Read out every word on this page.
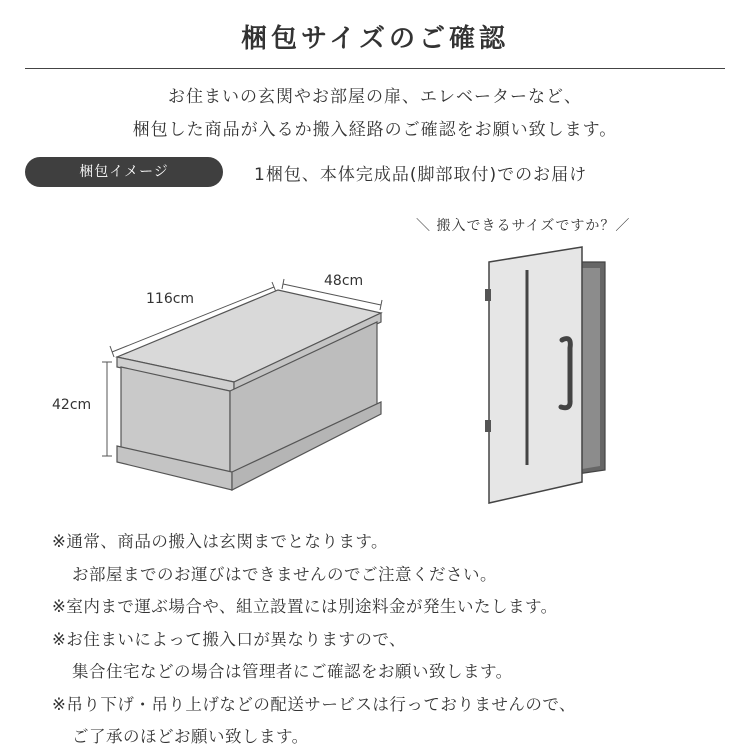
梱包サイズのご確認
お住まいの玄関やお部屋の扉、エレベーターなど、
梱包した商品が入るか搬入経路のご確認をお願い致します。
梱包イメージ	1梱包、本体完成品(脚部取付)でのお届け
116cm
48cm
42cm
＼ 搬入できるサイズですか？／
※通常、商品の搬入は玄関までとなります。
お部屋までのお運びはできませんのでご注意ください。
※室内まで運ぶ場合や、組立設置には別途料金が発生いたします。
※お住まいによって搬入口が異なりますので、
集合住宅などの場合は管理者にご確認をお願い致します。
※吊り下げ・吊り上げなどの配送サービスは行っておりませんので、
ご了承のほどお願い致します。
